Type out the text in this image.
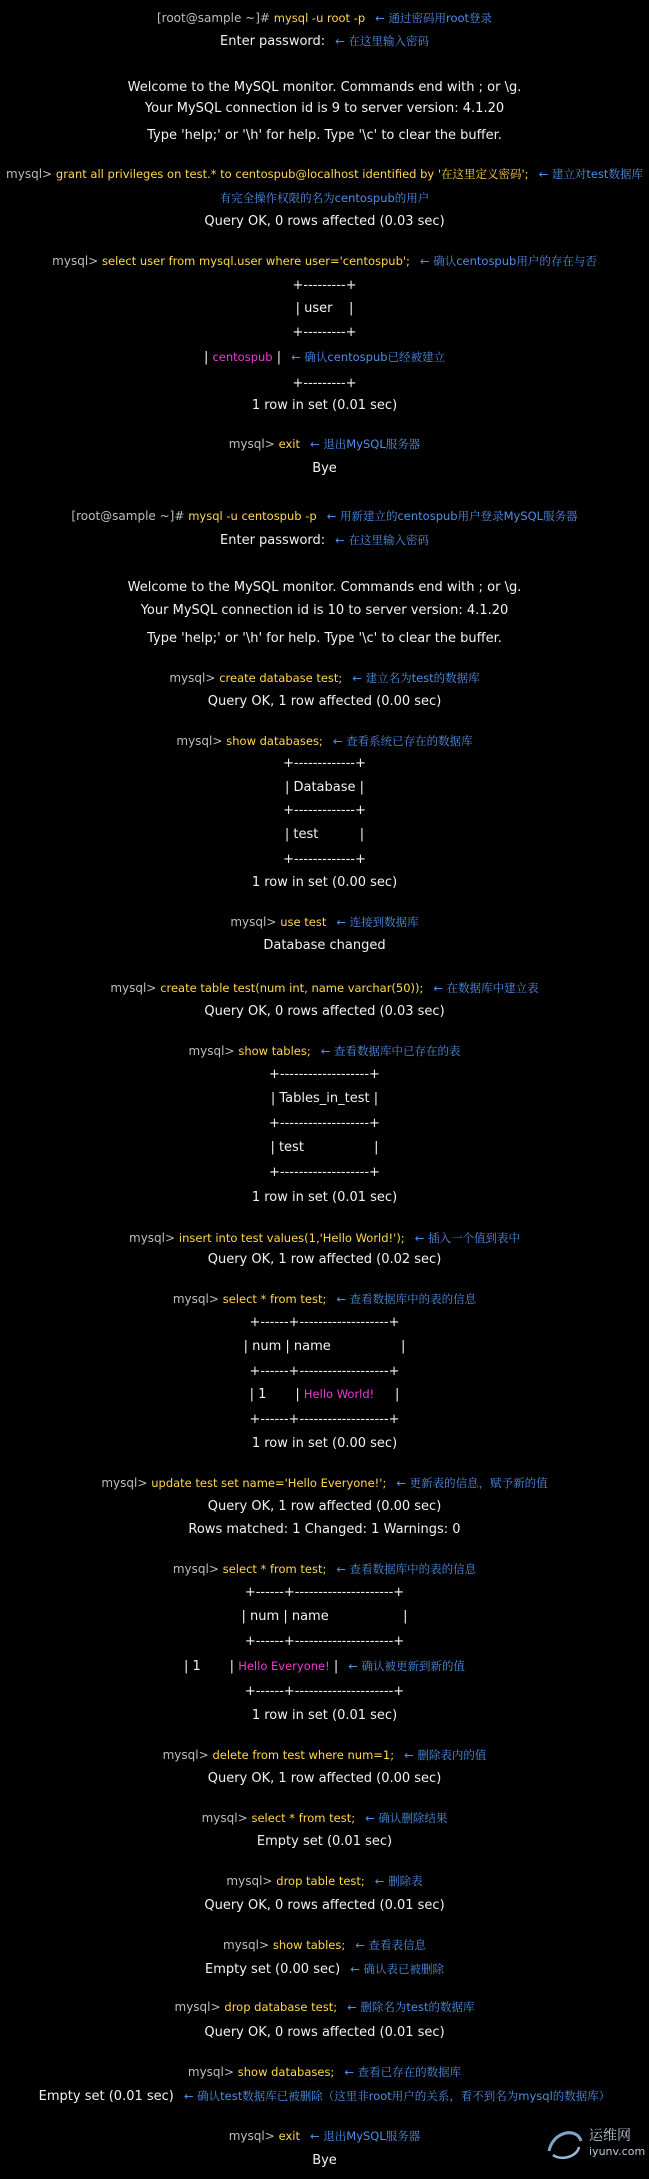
[root@sample ~]# mysql -u root -p ← 通过密码用root登录
Enter password: ← 在这里输入密码
Welcome to the MySQL monitor. Commands end with ; or \g.
Your MySQL connection id is 9 to server version: 4.1.20
Type 'help;' or '\h' for help. Type '\c' to clear the buffer.
mysql> grant all privileges on test.* to centospub@localhost identified by '在这里定义密码'; ← 建立对test数据库
有完全操作权限的名为centospub的用户
Query OK, 0 rows affected (0.03 sec)
mysql> select user from mysql.user where user='centospub'; ← 确认centospub用户的存在与否
+---------+
| user    |
+---------+
| centospub | ← 确认centospub已经被建立
+---------+
1 row in set (0.01 sec)
mysql> exit ← 退出MySQL服务器
Bye
[root@sample ~]# mysql -u centospub -p ← 用新建立的centospub用户登录MySQL服务器
Enter password: ← 在这里输入密码
Welcome to the MySQL monitor. Commands end with ; or \g.
Your MySQL connection id is 10 to server version: 4.1.20
Type 'help;' or '\h' for help. Type '\c' to clear the buffer.
mysql> create database test; ← 建立名为test的数据库
Query OK, 1 row affected (0.00 sec)
mysql> show databases; ← 查看系统已存在的数据库
+-------------+
| Database |
+-------------+
| test          |
+-------------+
1 row in set (0.00 sec)
mysql> use test ← 连接到数据库
Database changed
mysql> create table test(num int, name varchar(50)); ← 在数据库中建立表
Query OK, 0 rows affected (0.03 sec)
mysql> show tables; ← 查看数据库中已存在的表
+-------------------+
| Tables_in_test |
+-------------------+
| test                 |
+-------------------+
1 row in set (0.01 sec)
mysql> insert into test values(1,'Hello World!'); ← 插入一个值到表中
Query OK, 1 row affected (0.02 sec)
mysql> select * from test; ← 查看数据库中的表的信息
+------+-------------------+
| num | name                 |
+------+-------------------+
| 1       | Hello World!     |
+------+-------------------+
1 row in set (0.00 sec)
mysql> update test set name='Hello Everyone!'; ← 更新表的信息，赋予新的值
Query OK, 1 row affected (0.00 sec)
Rows matched: 1 Changed: 1 Warnings: 0
mysql> select * from test; ← 查看数据库中的表的信息
+------+---------------------+
| num | name                  |
+------+---------------------+
| 1       | Hello Everyone! | ← 确认被更新到新的值
+------+---------------------+
1 row in set (0.01 sec)
mysql> delete from test where num=1; ← 删除表内的值
Query OK, 1 row affected (0.00 sec)
mysql> select * from test; ← 确认删除结果
Empty set (0.01 sec)
mysql> drop table test; ← 删除表
Query OK, 0 rows affected (0.01 sec)
mysql> show tables; ← 查看表信息
Empty set (0.00 sec) ← 确认表已被删除
mysql> drop database test; ← 删除名为test的数据库
Query OK, 0 rows affected (0.01 sec)
mysql> show databases; ← 查看已存在的数据库
Empty set (0.01 sec) ← 确认test数据库已被删除（这里非root用户的关系，看不到名为mysql的数据库）
mysql> exit ← 退出MySQL服务器
Bye
运维网
iyunv.com
